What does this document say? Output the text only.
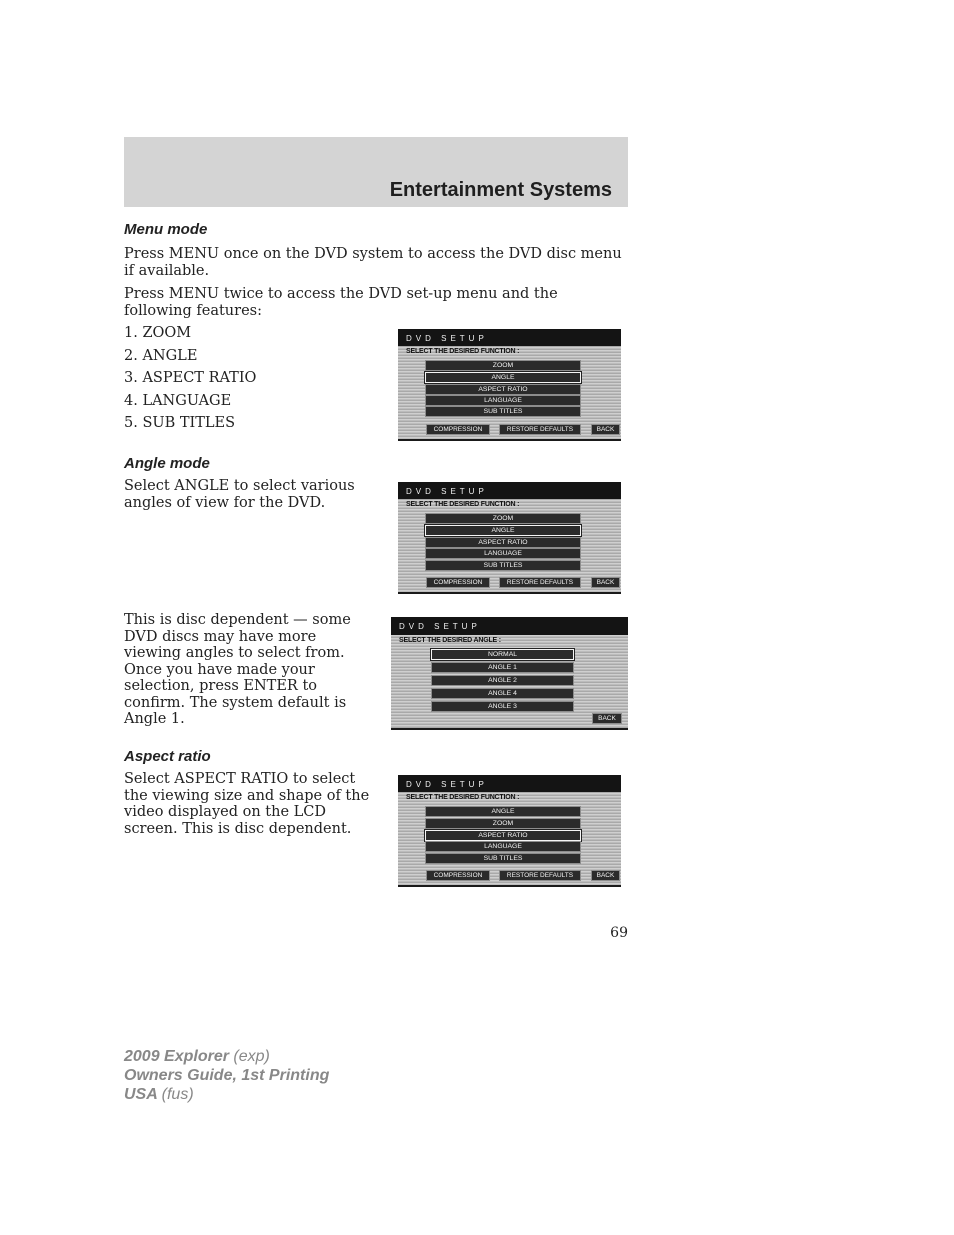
Entertainment Systems
Menu mode

Press MENU once on the DVD system to access the DVD disc menu if available.

Press MENU twice to access the DVD set-up menu and the following features:

1. ZOOM
2. ANGLE
3. ASPECT RATIO
4. LANGUAGE
5. SUB TITLES
DVD SETUP
SELECT THE DESIRED FUNCTION :
ZOOM
ANGLE
ASPECT RATIO
LANGUAGE
SUB TITLES
COMPRESSION	RESTORE DEFAULTS	BACK
Angle mode

Select ANGLE to select various angles of view for the DVD.

DVD SETUP
SELECT THE DESIRED FUNCTION :
ZOOM
ANGLE
ASPECT RATIO
LANGUAGE
SUB TITLES
COMPRESSION	RESTORE DEFAULTS	BACK

This is disc dependent — some DVD discs may have more viewing angles to select from. Once you have made your selection, press ENTER to confirm. The system default is Angle 1.

DVD SETUP
SELECT THE DESIRED ANGLE :
NORMAL
ANGLE 1
ANGLE 2
ANGLE 4
ANGLE 3
BACK
Aspect ratio

Select ASPECT RATIO to select the viewing size and shape of the video displayed on the LCD screen. This is disc dependent.

DVD SETUP
SELECT THE DESIRED FUNCTION :
ANGLE
ZOOM
ASPECT RATIO
LANGUAGE
SUB TITLES
COMPRESSION	RESTORE DEFAULTS	BACK
69
2009 Explorer (exp)
Owners Guide, 1st Printing
USA (fus)
